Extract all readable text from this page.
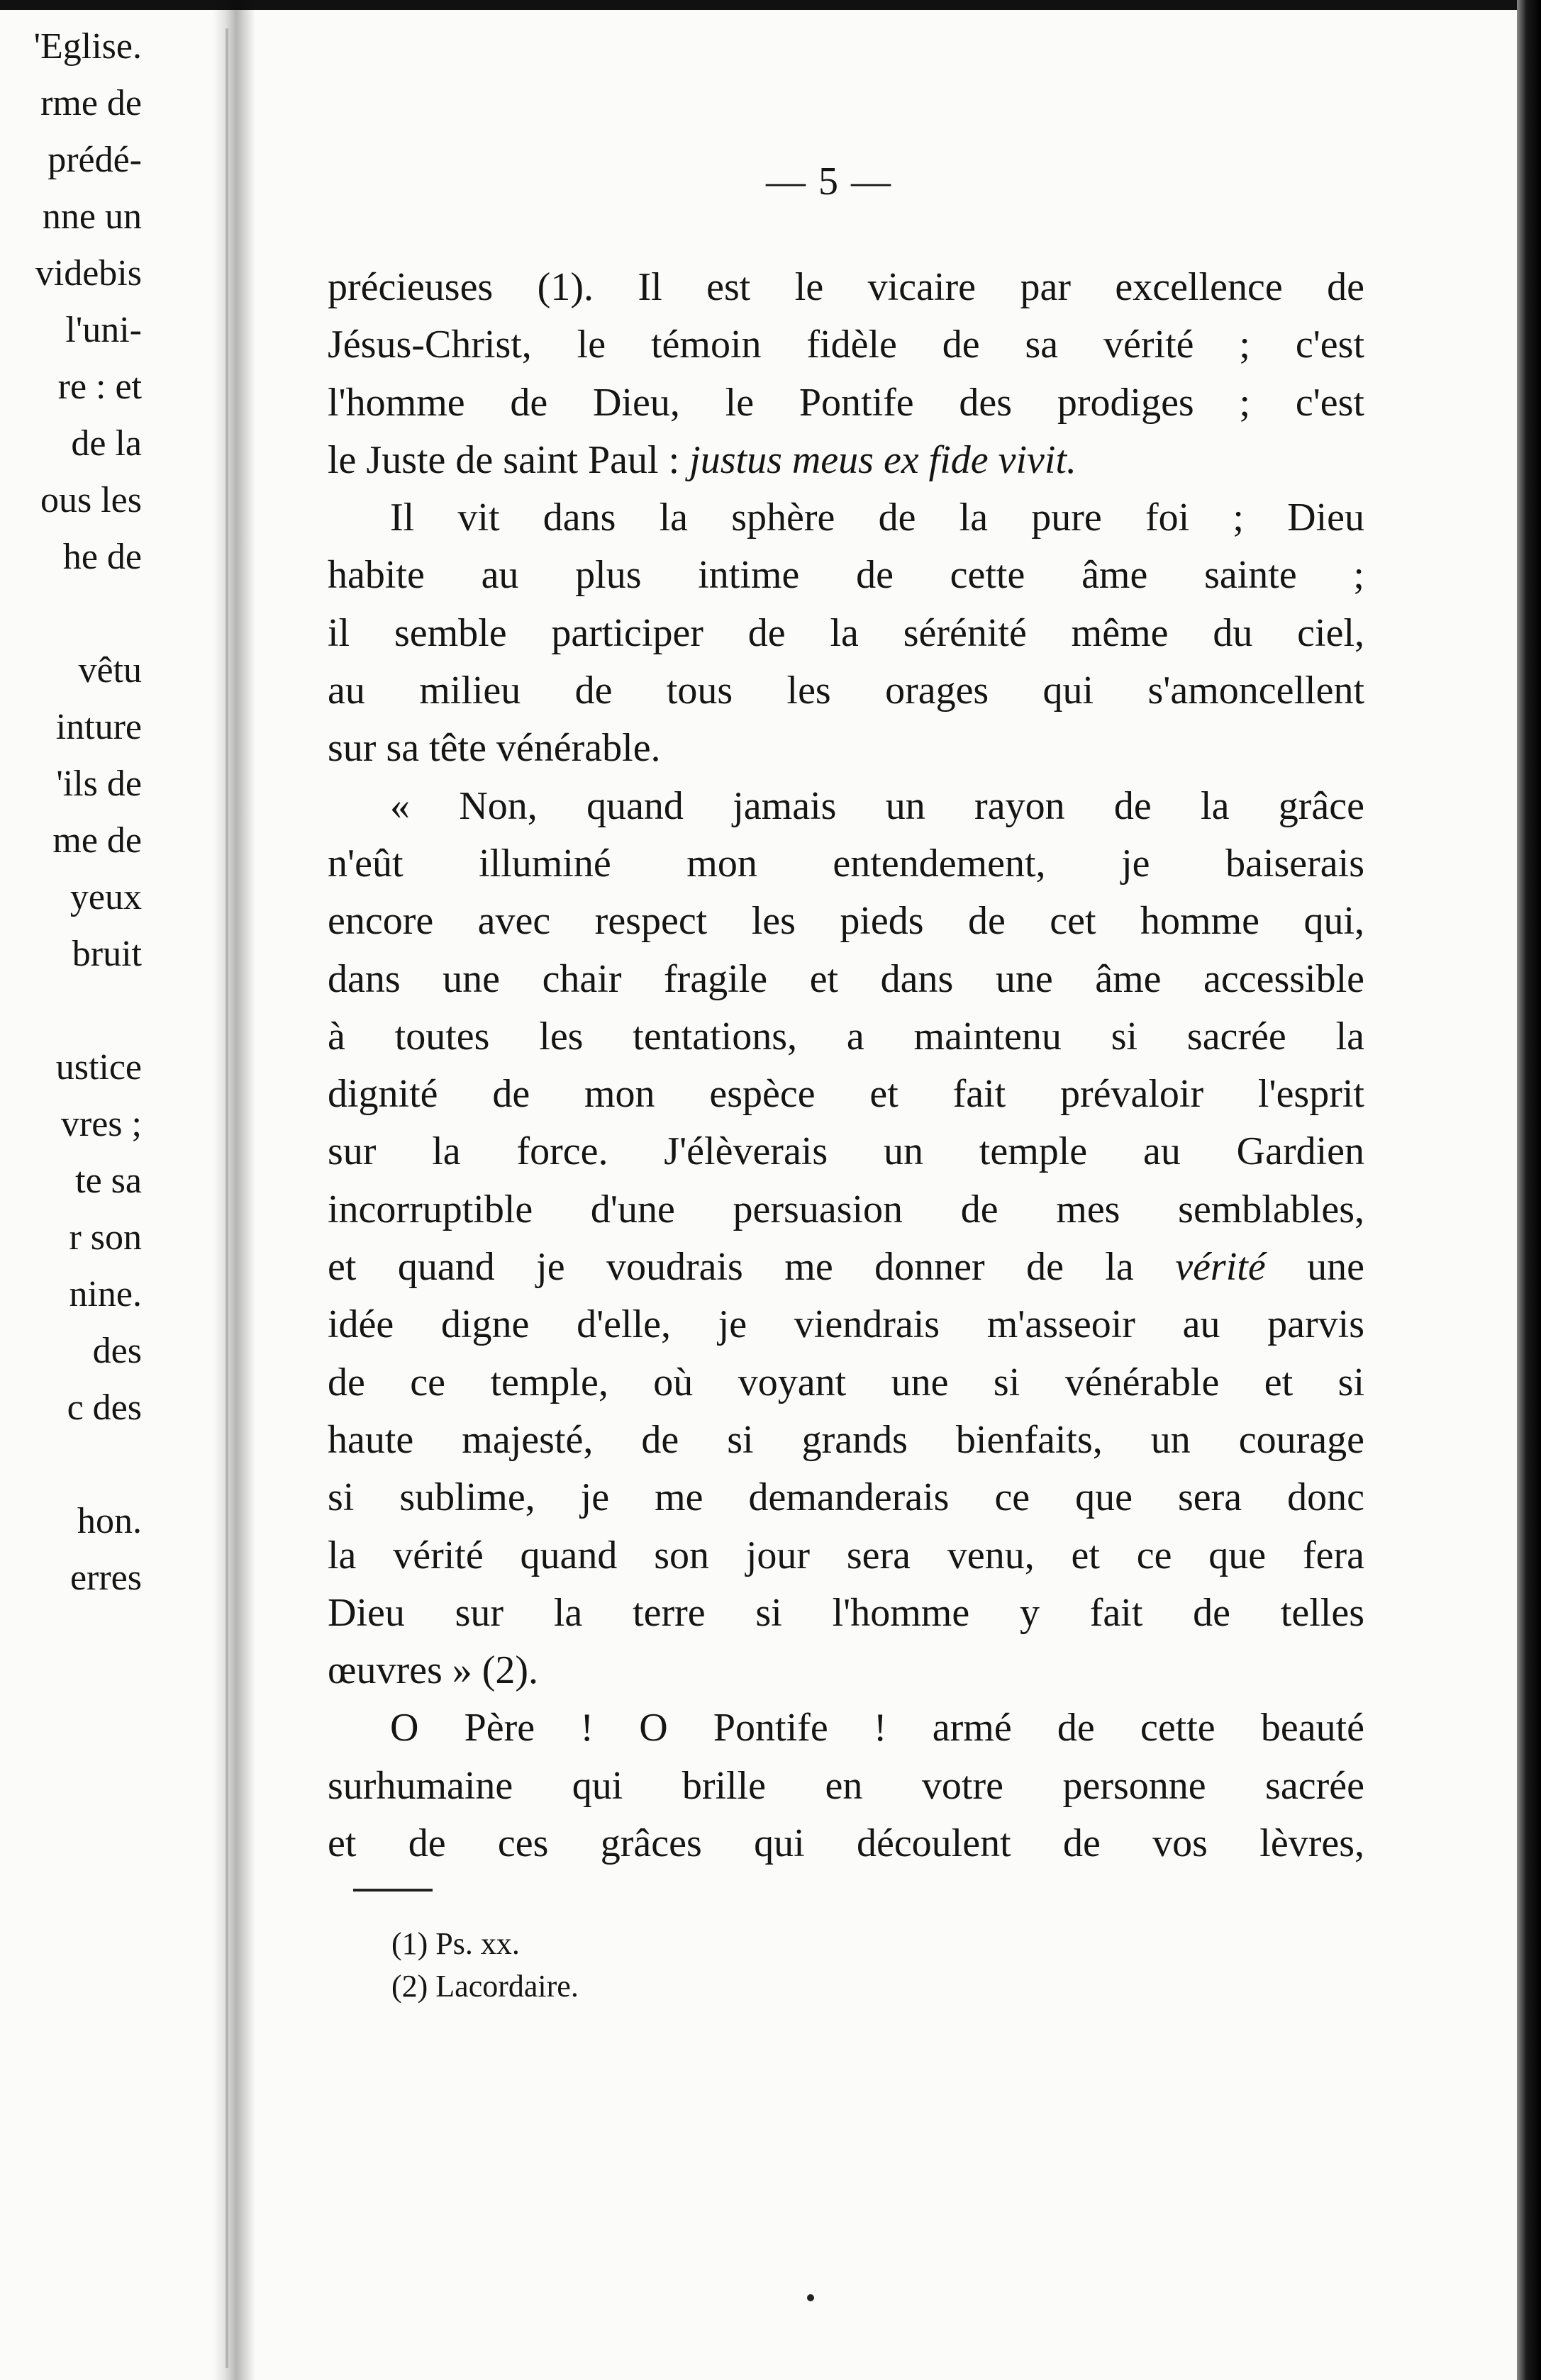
'Eglise.
rme de
prédé-
nne un
videbis
l'uni-
re : et
de la
ous les
he de
vêtu
inture
'ils de
me de
yeux
bruit
ustice
vres ;
te sa
r son
nine.
des
c des
hon.
erres
— 5 —
précieuses (1). Il est le vicaire par excellence de
Jésus-Christ, le témoin fidèle de sa vérité ; c'est
l'homme de Dieu, le Pontife des prodiges ; c'est
le Juste de saint Paul : justus meus ex fide vivit.
Il vit dans la sphère de la pure foi ; Dieu
habite au plus intime de cette âme sainte ;
il semble participer de la sérénité même du ciel,
au milieu de tous les orages qui s'amoncellent
sur sa tête vénérable.
« Non, quand jamais un rayon de la grâce
n'eût illuminé mon entendement, je baiserais
encore avec respect les pieds de cet homme qui,
dans une chair fragile et dans une âme accessible
à toutes les tentations, a maintenu si sacrée la
dignité de mon espèce et fait prévaloir l'esprit
sur la force. J'élèverais un temple au Gardien
incorruptible d'une persuasion de mes semblables,
et quand je voudrais me donner de la vérité une
idée digne d'elle, je viendrais m'asseoir au parvis
de ce temple, où voyant une si vénérable et si
haute majesté, de si grands bienfaits, un courage
si sublime, je me demanderais ce que sera donc
la vérité quand son jour sera venu, et ce que fera
Dieu sur la terre si l'homme y fait de telles
œuvres » (2).
O Père ! O Pontife ! armé de cette beauté
surhumaine qui brille en votre personne sacrée
et de ces grâces qui découlent de vos lèvres,
(1) Ps. xx.
(2) Lacordaire.
